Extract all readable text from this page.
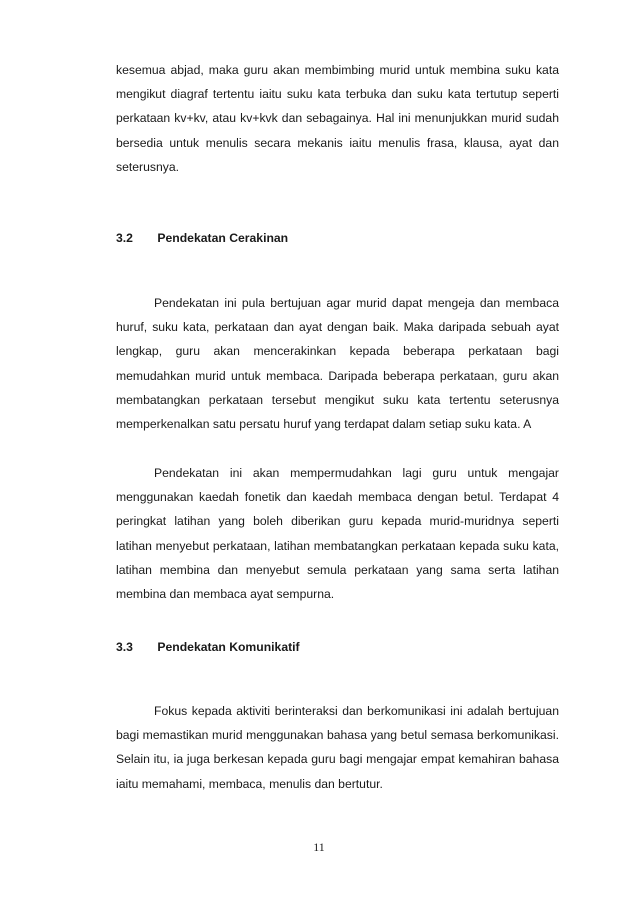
kesemua abjad, maka guru akan membimbing murid untuk membina suku kata mengikut diagraf tertentu iaitu suku kata terbuka dan suku kata tertutup seperti perkataan kv+kv, atau kv+kvk dan sebagainya. Hal ini menunjukkan murid sudah bersedia untuk menulis secara mekanis iaitu menulis frasa, klausa, ayat dan seterusnya.

3.2 Pendekatan Cerakinan

Pendekatan ini pula bertujuan agar murid dapat mengeja dan membaca huruf, suku kata, perkataan dan ayat dengan baik. Maka daripada sebuah ayat lengkap, guru akan mencerakinkan kepada beberapa perkataan bagi memudahkan murid untuk membaca. Daripada beberapa perkataan, guru akan membatangkan perkataan tersebut mengikut suku kata tertentu seterusnya memperkenalkan satu persatu huruf yang terdapat dalam setiap suku kata. A

Pendekatan ini akan mempermudahkan lagi guru untuk mengajar menggunakan kaedah fonetik dan kaedah membaca dengan betul. Terdapat 4 peringkat latihan yang boleh diberikan guru kepada murid-muridnya seperti latihan menyebut perkataan, latihan membatangkan perkataan kepada suku kata, latihan membina dan menyebut semula perkataan yang sama serta latihan membina dan membaca ayat sempurna.

3.3 Pendekatan Komunikatif

Fokus kepada aktiviti berinteraksi dan berkomunikasi ini adalah bertujuan bagi memastikan murid menggunakan bahasa yang betul semasa berkomunikasi. Selain itu, ia juga berkesan kepada guru bagi mengajar empat kemahiran bahasa iaitu memahami, membaca, menulis dan bertutur.

11
